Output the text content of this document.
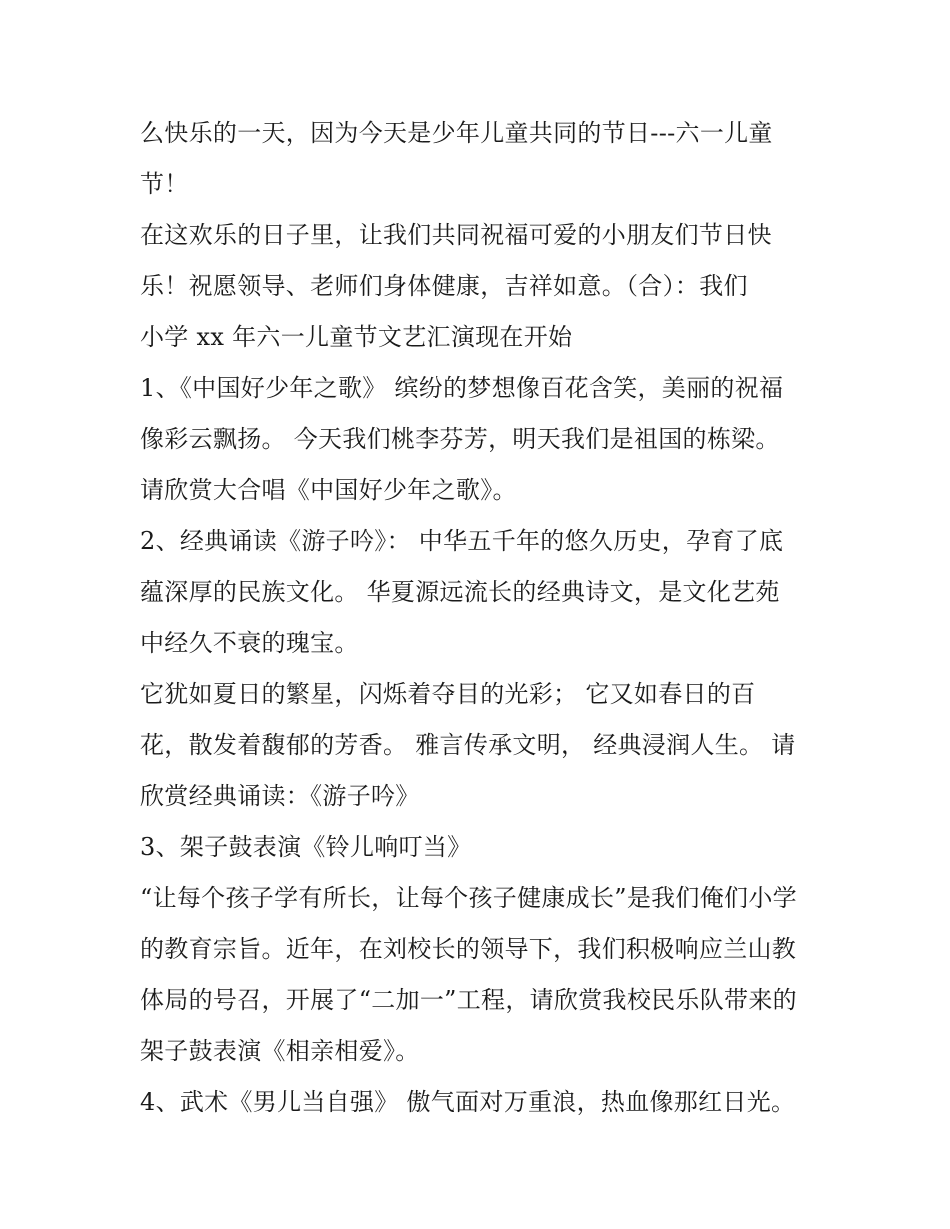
么快乐的一天，因为今天是少年儿童共同的节日---六一儿童
节！
在这欢乐的日子里，让我们共同祝福可爱的小朋友们节日快
乐！祝愿领导、老师们身体健康，吉祥如意。（合）：我们
小学 xx 年六一儿童节文艺汇演现在开始
1、《中国好少年之歌》 缤纷的梦想像百花含笑，美丽的祝福
像彩云飘扬。 今天我们桃李芬芳，明天我们是祖国的栋梁。
请欣赏大合唱《中国好少年之歌》。
2、经典诵读《游子吟》： 中华五千年的悠久历史，孕育了底
蕴深厚的民族文化。 华夏源远流长的经典诗文，是文化艺苑
中经久不衰的瑰宝。
它犹如夏日的繁星，闪烁着夺目的光彩； 它又如春日的百
花，散发着馥郁的芳香。 雅言传承文明， 经典浸润人生。 请
欣赏经典诵读：《游子吟》
3、架子鼓表演《铃儿响叮当》
“让每个孩子学有所长，让每个孩子健康成长”是我们俺们小学
的教育宗旨。近年，在刘校长的领导下，我们积极响应兰山教
体局的号召，开展了“二加一”工程，请欣赏我校民乐队带来的
架子鼓表演《相亲相爱》。
4、武术《男儿当自强》 傲气面对万重浪，热血像那红日光。
